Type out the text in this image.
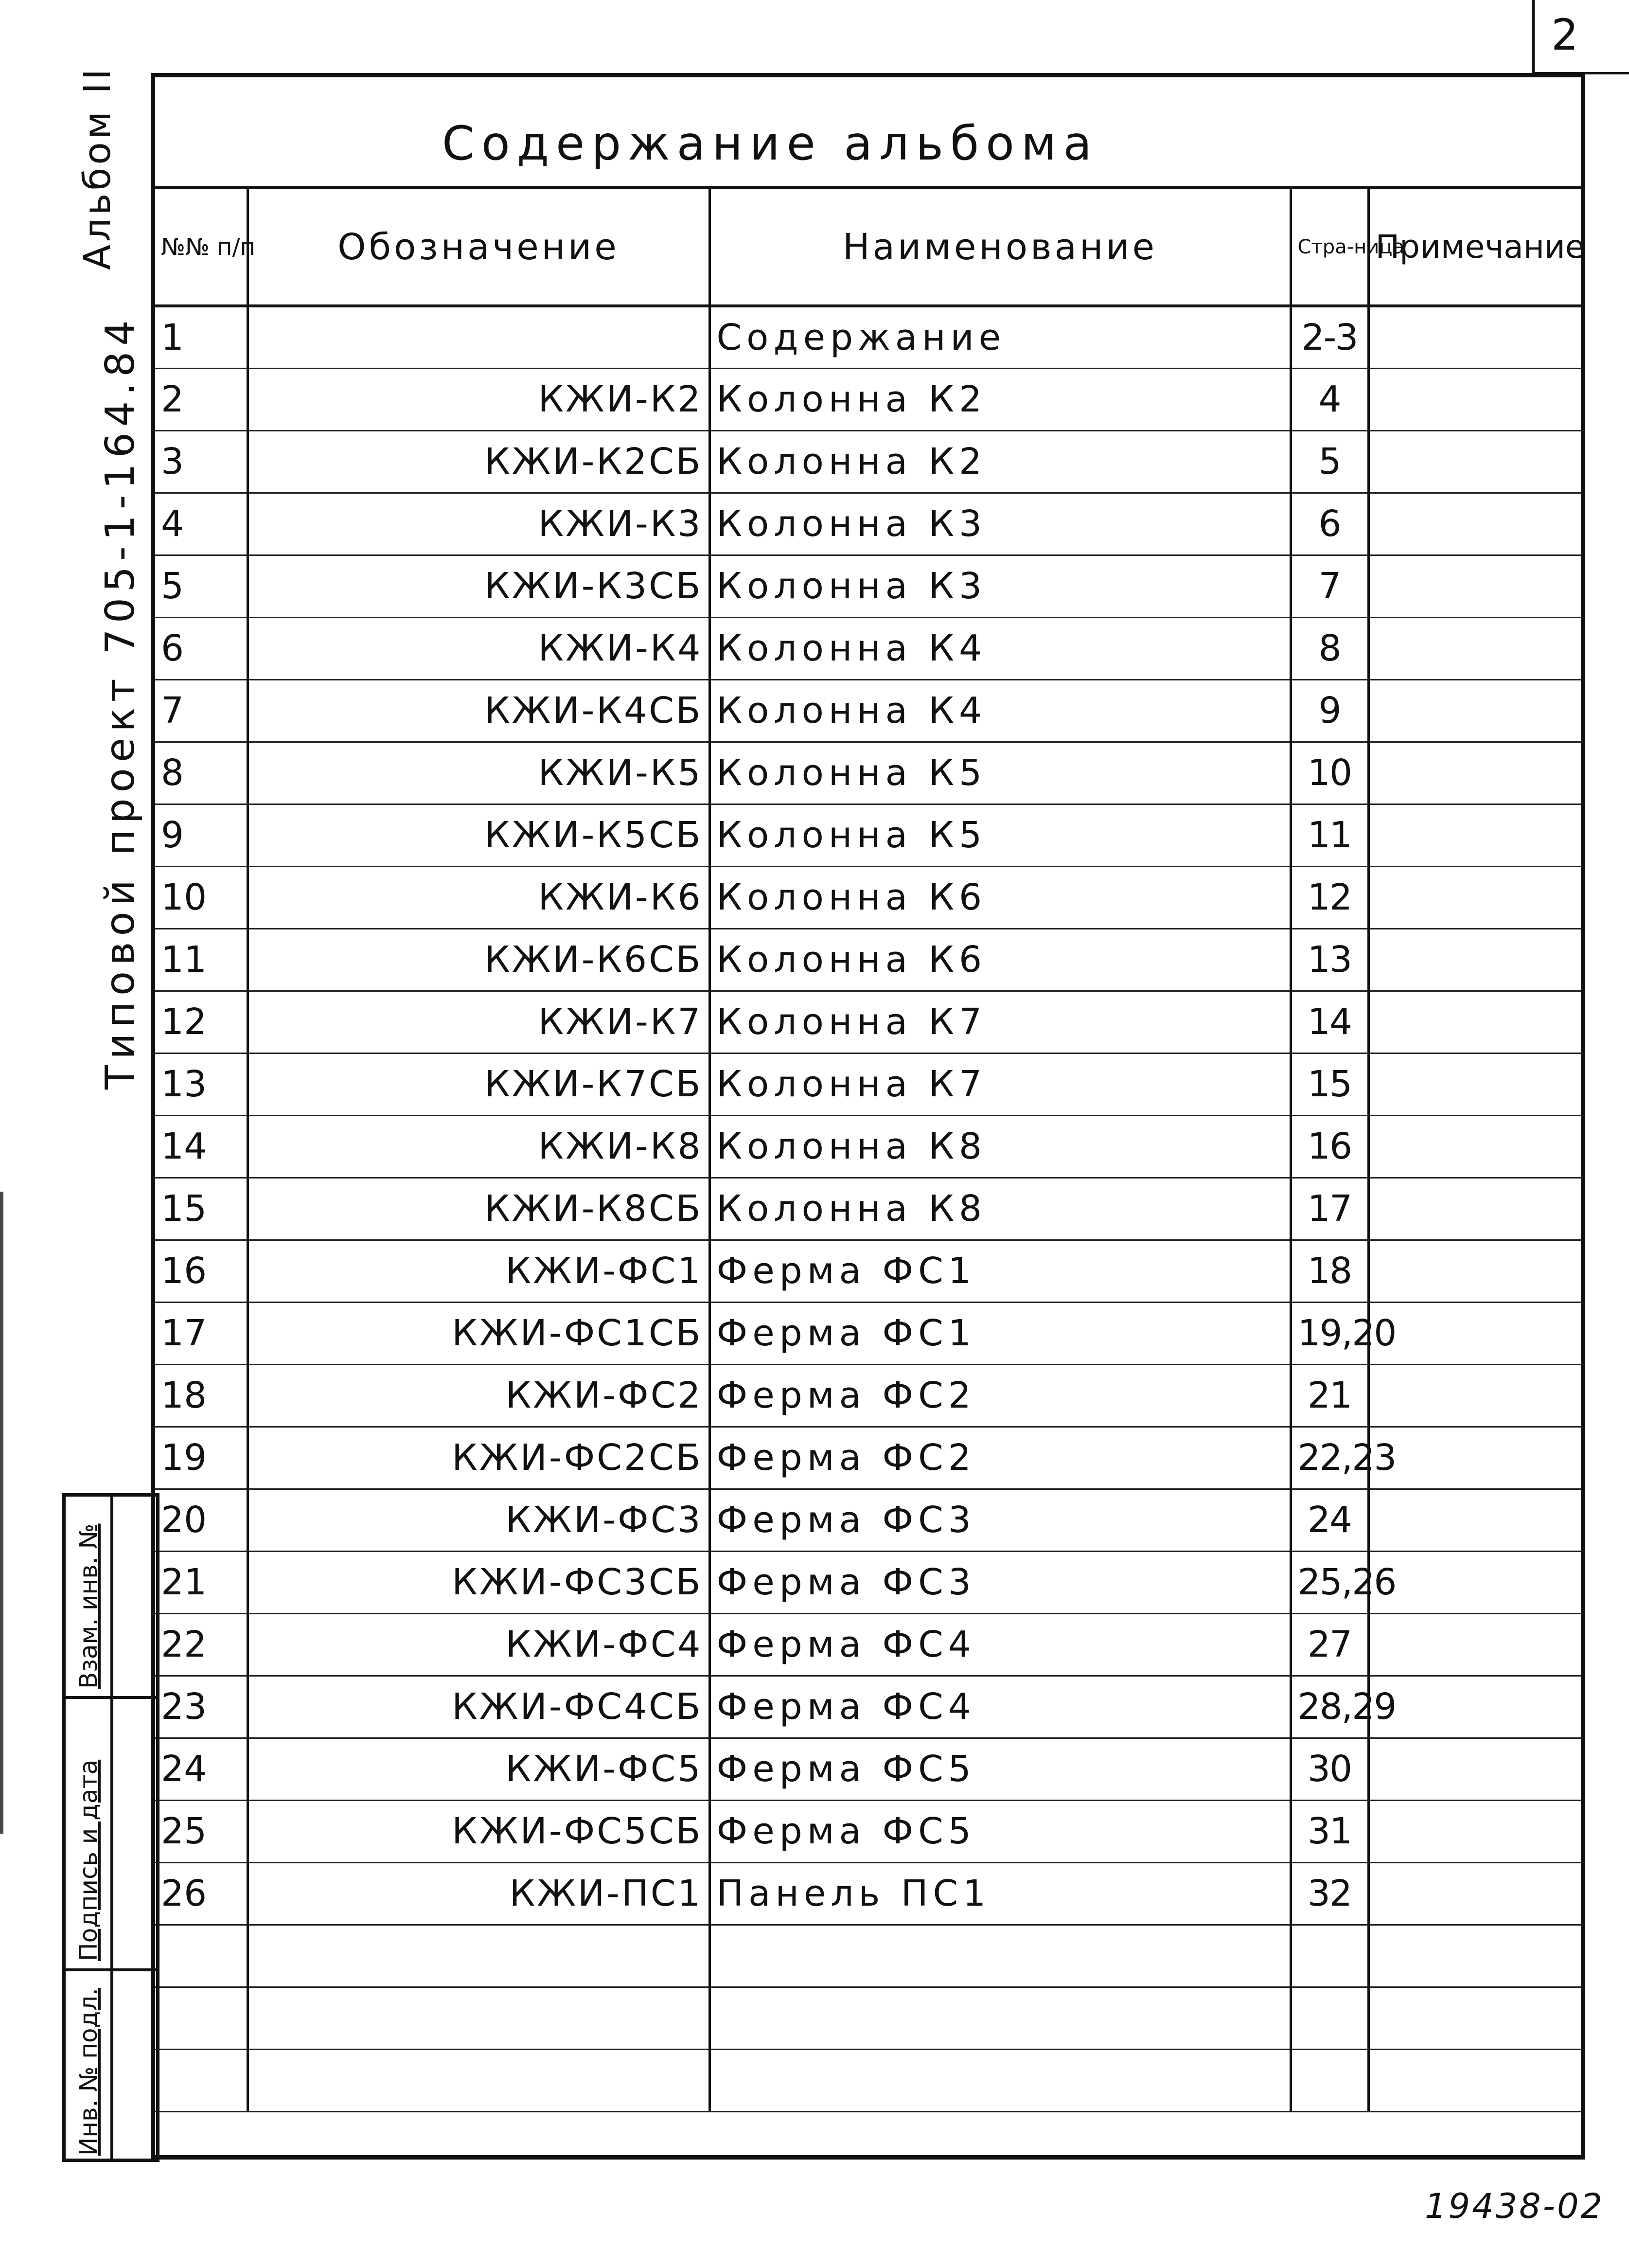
2
Альбом II
Типовой проект 705-1-164.84
Содержание альбома
№№ п/п	Обозначение	Наименование	Стра-ница	Примечание
1		Содержание	2-3	
2	КЖИ-К2	Колонна К2	4	
3	КЖИ-К2СБ	Колонна К2	5	
4	КЖИ-К3	Колонна К3	6	
5	КЖИ-К3СБ	Колонна К3	7	
6	КЖИ-К4	Колонна К4	8	
7	КЖИ-К4СБ	Колонна К4	9	
8	КЖИ-К5	Колонна К5	10	
9	КЖИ-К5СБ	Колонна К5	11	
10	КЖИ-К6	Колонна К6	12	
11	КЖИ-К6СБ	Колонна К6	13	
12	КЖИ-К7	Колонна К7	14	
13	КЖИ-К7СБ	Колонна К7	15	
14	КЖИ-К8	Колонна К8	16	
15	КЖИ-К8СБ	Колонна К8	17	
16	КЖИ-ФС1	Ферма ФС1	18	
17	КЖИ-ФС1СБ	Ферма ФС1	19,20	
18	КЖИ-ФС2	Ферма ФС2	21	
19	КЖИ-ФС2СБ	Ферма ФС2	22,23	
20	КЖИ-ФС3	Ферма ФС3	24	
21	КЖИ-ФС3СБ	Ферма ФС3	25,26	
22	КЖИ-ФС4	Ферма ФС4	27	
23	КЖИ-ФС4СБ	Ферма ФС4	28,29	
24	КЖИ-ФС5	Ферма ФС5	30	
25	КЖИ-ФС5СБ	Ферма ФС5	31	
26	КЖИ-ПС1	Панель ПС1	32	

Взам. инв. №
Подпись и дата
Инв. № подл.
19438-02
